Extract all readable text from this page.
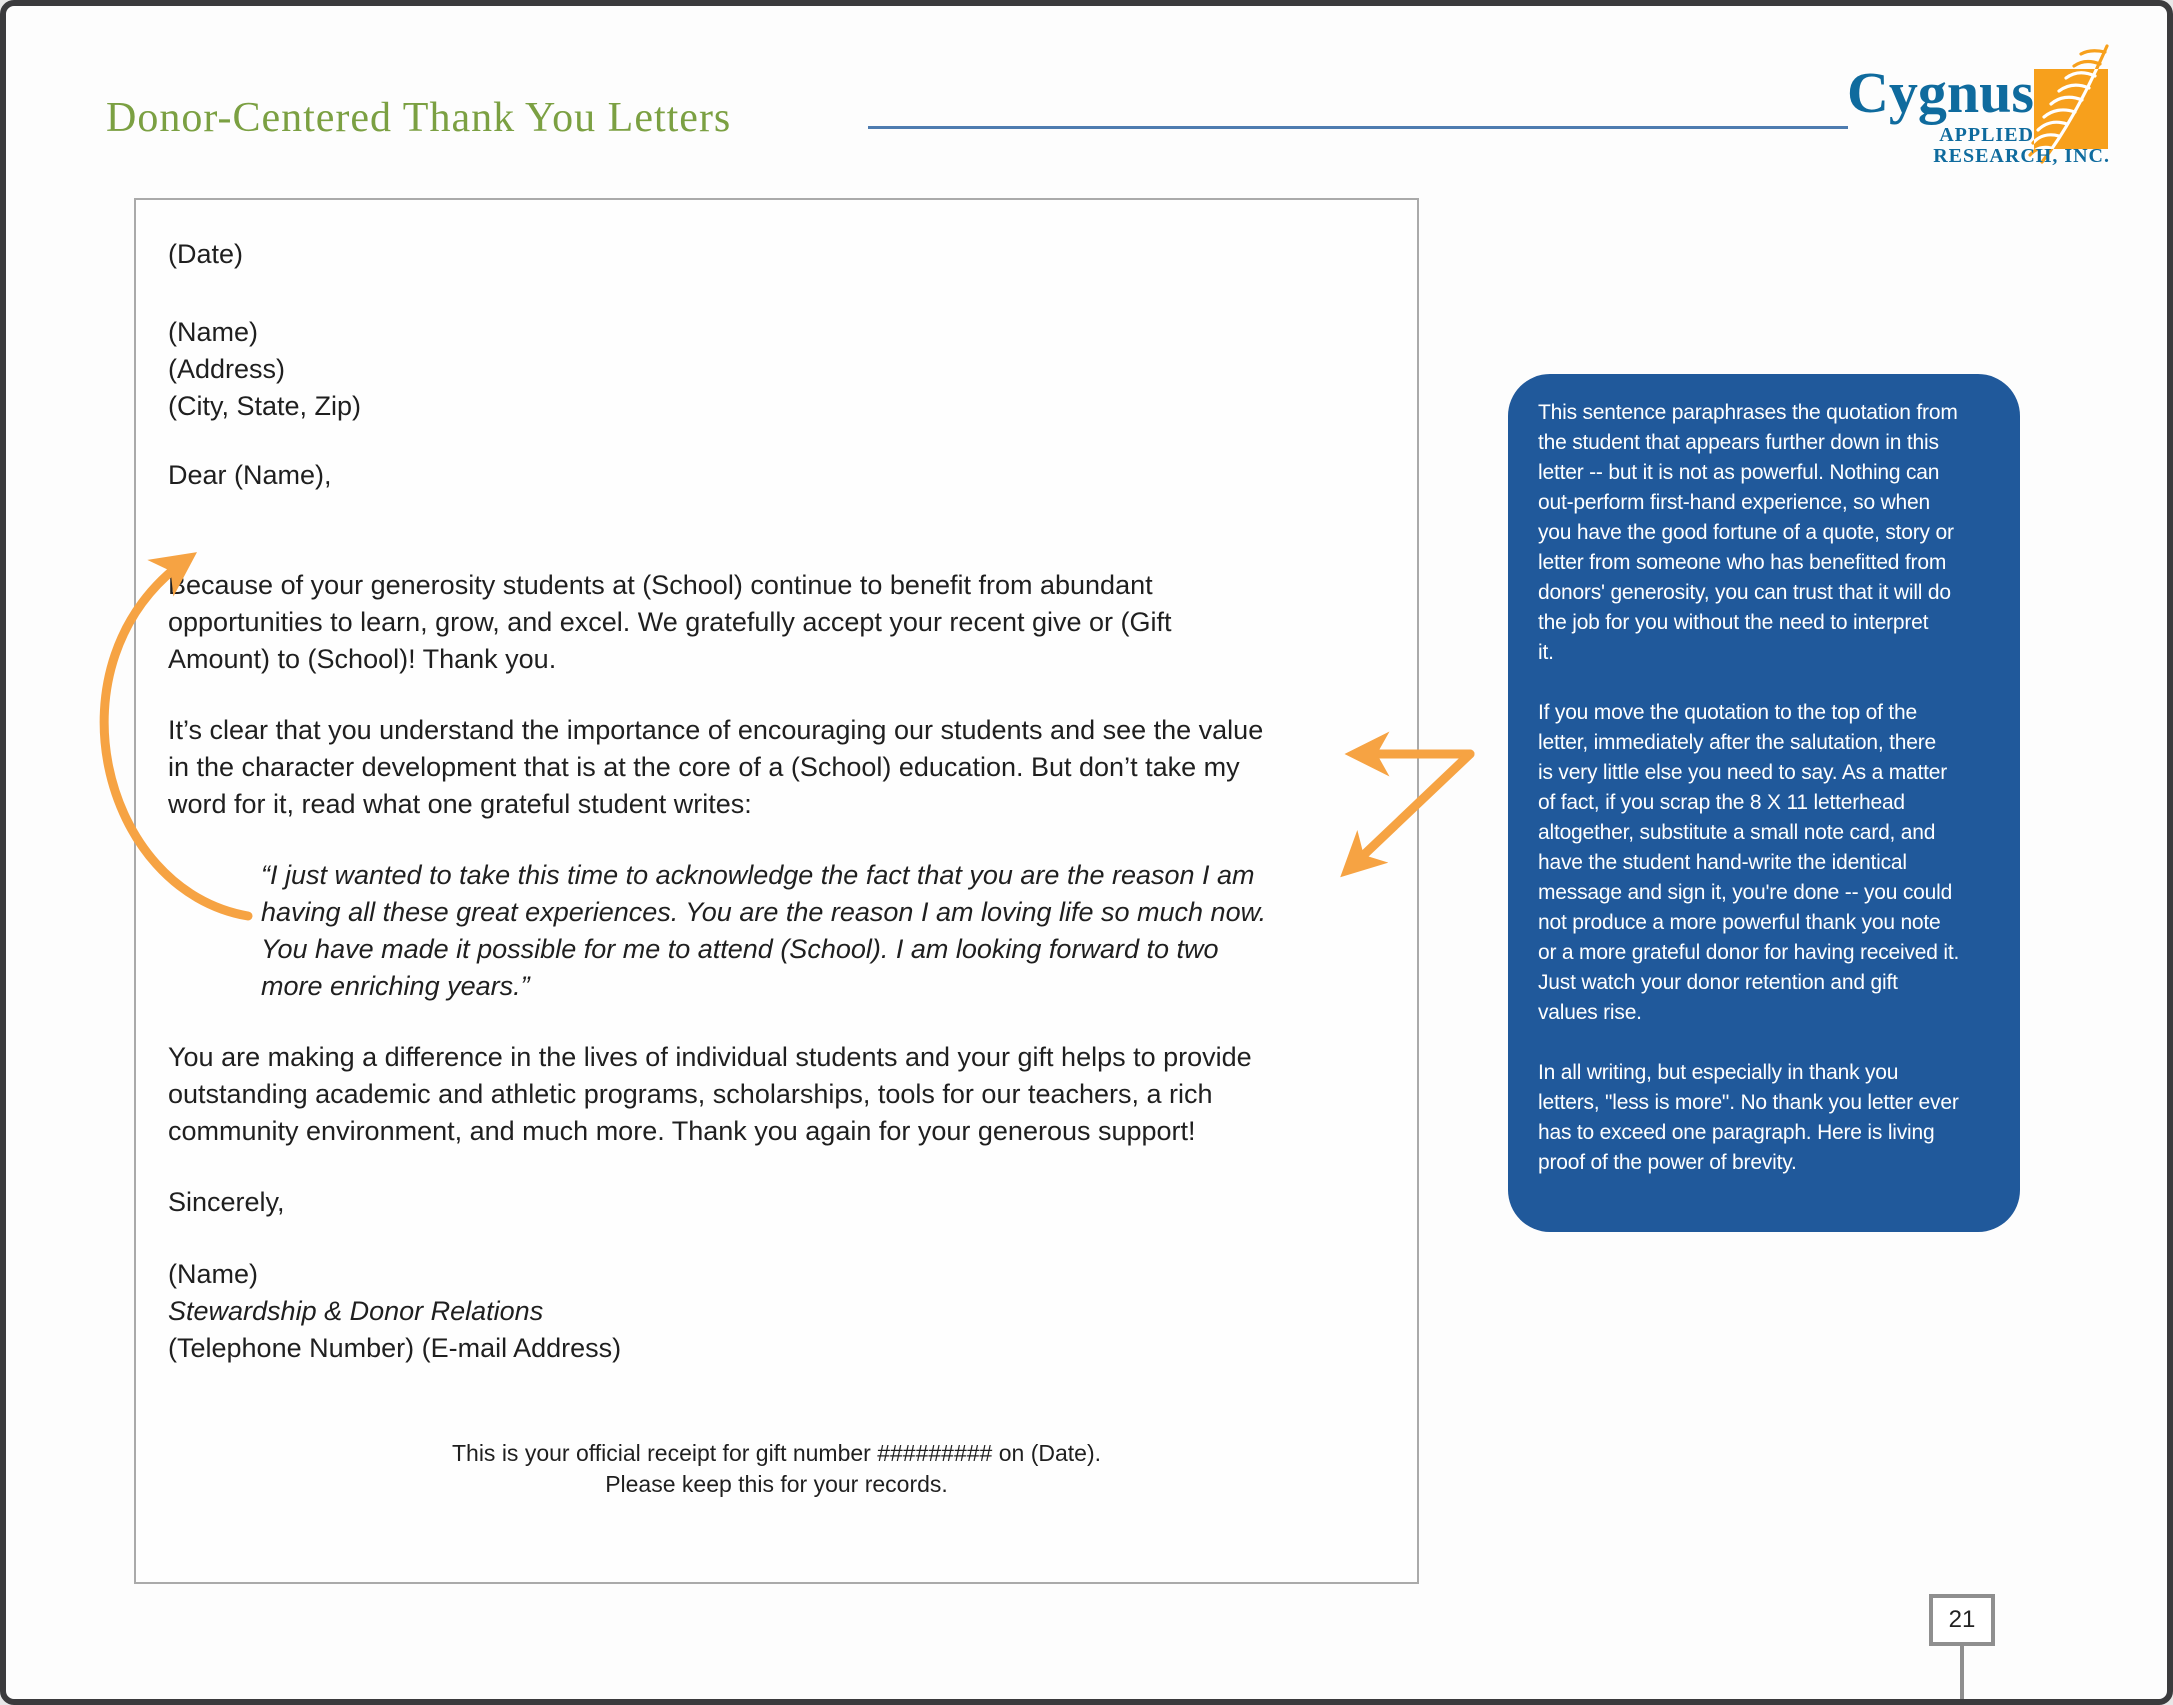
Donor-Centered Thank You Letters	Cygnus
APPLIED
RESEARCH, INC.
(Date)
(Name)
(Address)
(City, State, Zip)
Dear (Name),
Because of your generosity students at (School) continue to benefit from abundant
opportunities to learn, grow, and excel. We gratefully accept your recent give or (Gift
Amount) to (School)! Thank you.
It’s clear that you understand the importance of encouraging our students and see the value
in the character development that is at the core of a (School) education. But don’t take my
word for it, read what one grateful student writes:
“I just wanted to take this time to acknowledge the fact that you are the reason I am
having all these great experiences. You are the reason I am loving life so much now.
You have made it possible for me to attend (School). I am looking forward to two
more enriching years.”
You are making a difference in the lives of individual students and your gift helps to provide
outstanding academic and athletic programs, scholarships, tools for our teachers, a rich
community environment, and much more. Thank you again for your generous support!
Sincerely,
(Name)
Stewardship & Donor Relations
(Telephone Number) (E-mail Address)
This is your official receipt for gift number ######### on (Date).
Please keep this for your records.
This sentence paraphrases the quotation from
the student that appears further down in this
letter -- but it is not as powerful. Nothing can
out-perform first-hand experience, so when
you have the good fortune of a quote, story or
letter from someone who has benefitted from
donors' generosity, you can trust that it will do
the job for you without the need to interpret
it.
If you move the quotation to the top of the
letter, immediately after the salutation, there
is very little else you need to say. As a matter
of fact, if you scrap the 8 X 11 letterhead
altogether, substitute a small note card, and
have the student hand-write the identical
message and sign it, you're done -- you could
not produce a more powerful thank you note
or a more grateful donor for having received it.
Just watch your donor retention and gift
values rise.
In all writing, but especially in thank you
letters, "less is more". No thank you letter ever
has to exceed one paragraph. Here is living
proof of the power of brevity.
21
